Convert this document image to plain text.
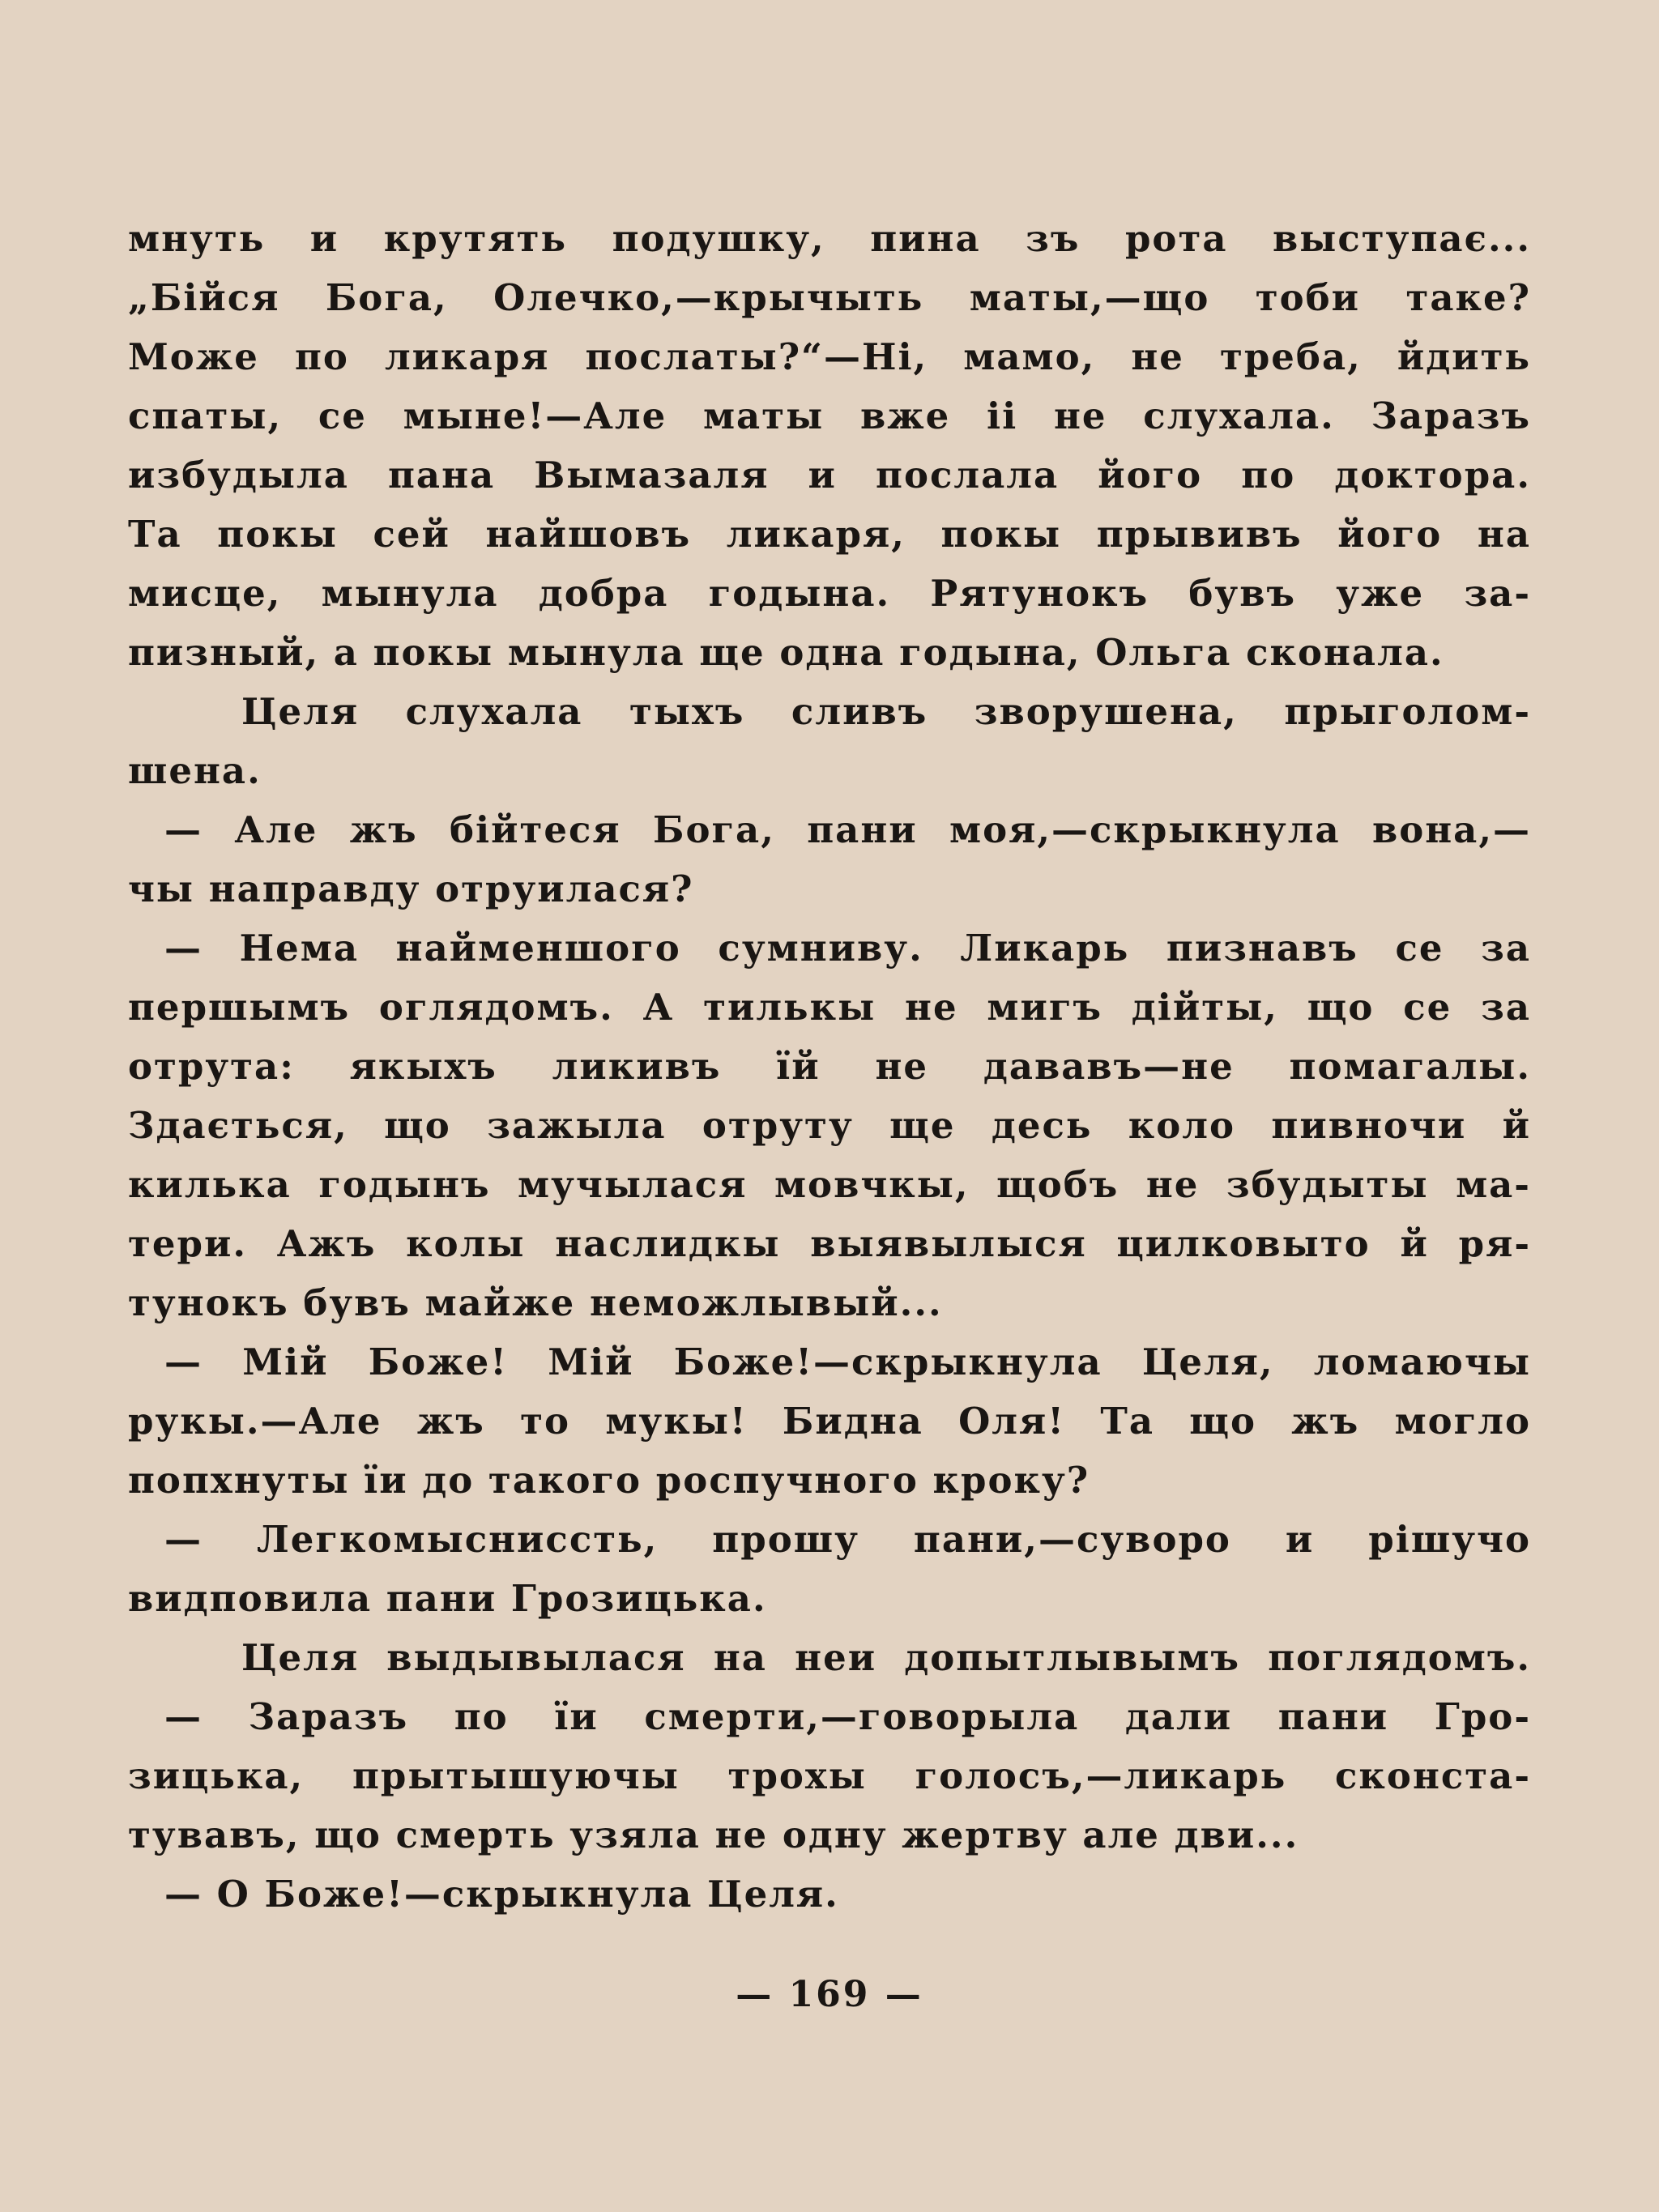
мнуть и крутять подушку, пина зъ рота выступає...
„Бійся Бога, Олечко,—крычыть маты,—що тоби таке?
Може по ликаря послаты?“—Нi, мамо, не треба, йдить
спаты, се мыне!—Але маты вже ii не слухала. Заразъ
избудыла пана Вымазаля и послала його по доктора.
Та покы сей найшовъ ликаря, покы прывивъ його на
мисце, мынула добра годына. Рятунокъ бувъ уже за-
пизный, а покы мынула ще одна годына, Ольга сконала.
Целя слухала тыхъ сливъ зворушена, прыголом-
шена.
— Але жъ бiйтеся Бога, пани моя,—скрыкнула вона,—
чы направду отруилася?
— Нема найменшого сумниву. Ликарь пизнавъ се за
першымъ оглядомъ. А тилькы не мигъ дiйты, що се за
отрута: якыхъ ликивъ ïй не дававъ—не помагалы.
Здається, що зажыла отруту ще десь коло пивночи й
килька годынъ мучылася мовчкы, щобъ не збудыты ма-
тери. Ажъ колы наслидкы выявылыся цилковыто й ря-
тунокъ бувъ майже неможлывый...
— Мiй Боже! Мiй Боже!—скрыкнула Целя, ломаючы
рукы.—Але жъ то мукы! Бидна Оля! Та що жъ могло
попхнуты ïи до такого роспучного кроку?
— Легкомысниссть, прошу пани,—суворо и рiшучо
видповила пани Грозицька.
Целя выдывылася на неи допытлывымъ поглядомъ.
— Заразъ по ïи смерти,—говорыла дали пани Гро-
зицька, прытышуючы трохы голосъ,—ликарь сконста-
тувавъ, що смерть узяла не одну жертву але дви...
— О Боже!—скрыкнула Целя.
— 169 —
